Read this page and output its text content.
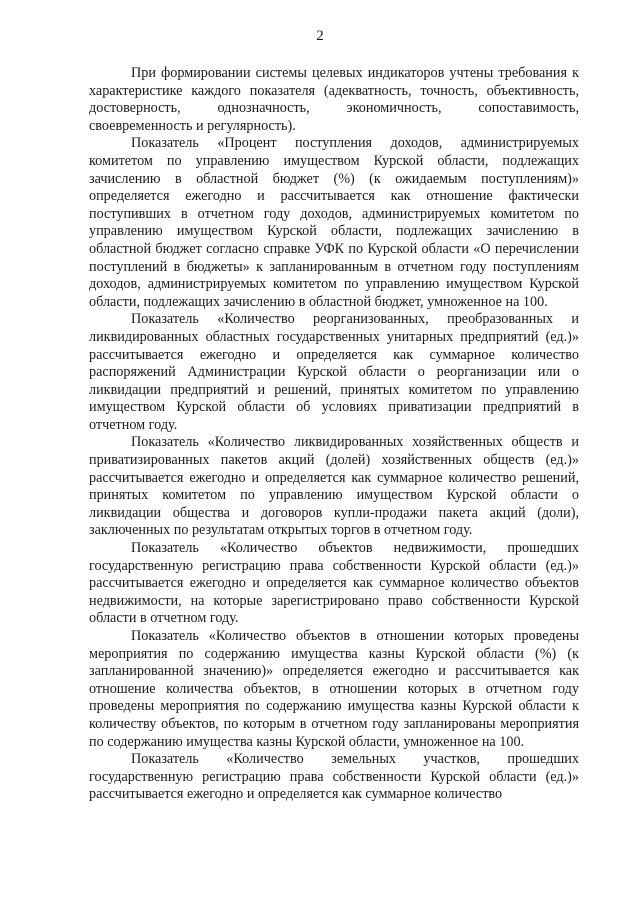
2

При формировании системы целевых индикаторов учтены требования к характеристике каждого показателя (адекватность, точность, объективность, достоверность, однозначность, экономичность, сопоставимость, своевременность и регулярность).

Показатель «Процент поступления доходов, администрируемых комитетом по управлению имуществом Курской области, подлежащих зачислению в областной бюджет (%) (к ожидаемым поступлениям)» определяется ежегодно и рассчитывается как отношение фактически поступивших в отчетном году доходов, администрируемых комитетом по управлению имуществом Курской области, подлежащих зачислению в областной бюджет согласно справке УФК по Курской области «О перечислении поступлений в бюджеты» к запланированным в отчетном году поступлениям доходов, администрируемых комитетом по управлению имуществом Курской области, подлежащих зачислению в областной бюджет, умноженное на 100.

Показатель «Количество реорганизованных, преобразованных и ликвидированных областных государственных унитарных предприятий (ед.)» рассчитывается ежегодно и определяется как суммарное количество распоряжений Администрации Курской области о реорганизации или о ликвидации предприятий и решений, принятых комитетом по управлению имуществом Курской области об условиях приватизации предприятий в отчетном году.

Показатель «Количество ликвидированных хозяйственных обществ и приватизированных пакетов акций (долей) хозяйственных обществ (ед.)» рассчитывается ежегодно и определяется как суммарное количество решений, принятых комитетом по управлению имуществом Курской области о ликвидации общества и договоров купли-продажи пакета акций (доли), заключенных по результатам открытых торгов в отчетном году.

Показатель «Количество объектов недвижимости, прошедших государственную регистрацию права собственности Курской области (ед.)» рассчитывается ежегодно и определяется как суммарное количество объектов недвижимости, на которые зарегистрировано право собственности Курской области в отчетном году.

Показатель «Количество объектов в отношении которых проведены мероприятия по содержанию имущества казны Курской области (%) (к запланированной значению)» определяется ежегодно и рассчитывается как отношение количества объектов, в отношении которых в отчетном году проведены мероприятия по содержанию имущества казны Курской области к количеству объектов, по которым в отчетном году запланированы мероприятия по содержанию имущества казны Курской области, умноженное на 100.

Показатель «Количество земельных участков, прошедших государственную регистрацию права собственности Курской области (ед.)» рассчитывается ежегодно и определяется как суммарное количество
